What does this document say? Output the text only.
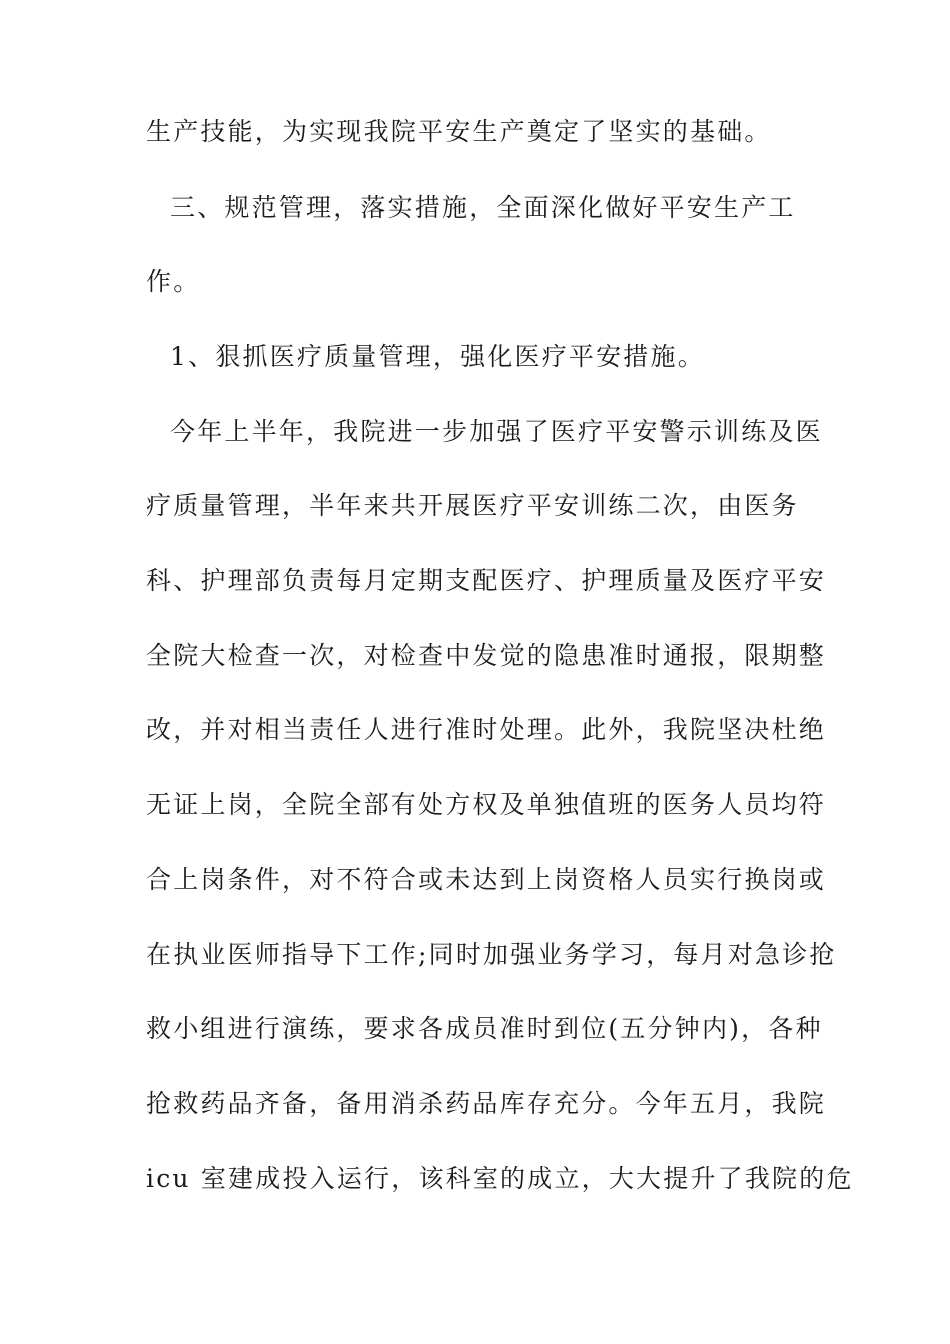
生产技能，为实现我院平安生产奠定了坚实的基础。
三、规范管理，落实措施，全面深化做好平安生产工
作。
1、狠抓医疗质量管理，强化医疗平安措施。
今年上半年，我院进一步加强了医疗平安警示训练及医
疗质量管理，半年来共开展医疗平安训练二次，由医务
科、护理部负责每月定期支配医疗、护理质量及医疗平安
全院大检查一次，对检查中发觉的隐患准时通报，限期整
改，并对相当责任人进行准时处理。此外，我院坚决杜绝
无证上岗，全院全部有处方权及单独值班的医务人员均符
合上岗条件，对不符合或未达到上岗资格人员实行换岗或
在执业医师指导下工作;同时加强业务学习，每月对急诊抢
救小组进行演练，要求各成员准时到位(五分钟内)，各种
抢救药品齐备，备用消杀药品库存充分。今年五月，我院
icu 室建成投入运行，该科室的成立，大大提升了我院的危
